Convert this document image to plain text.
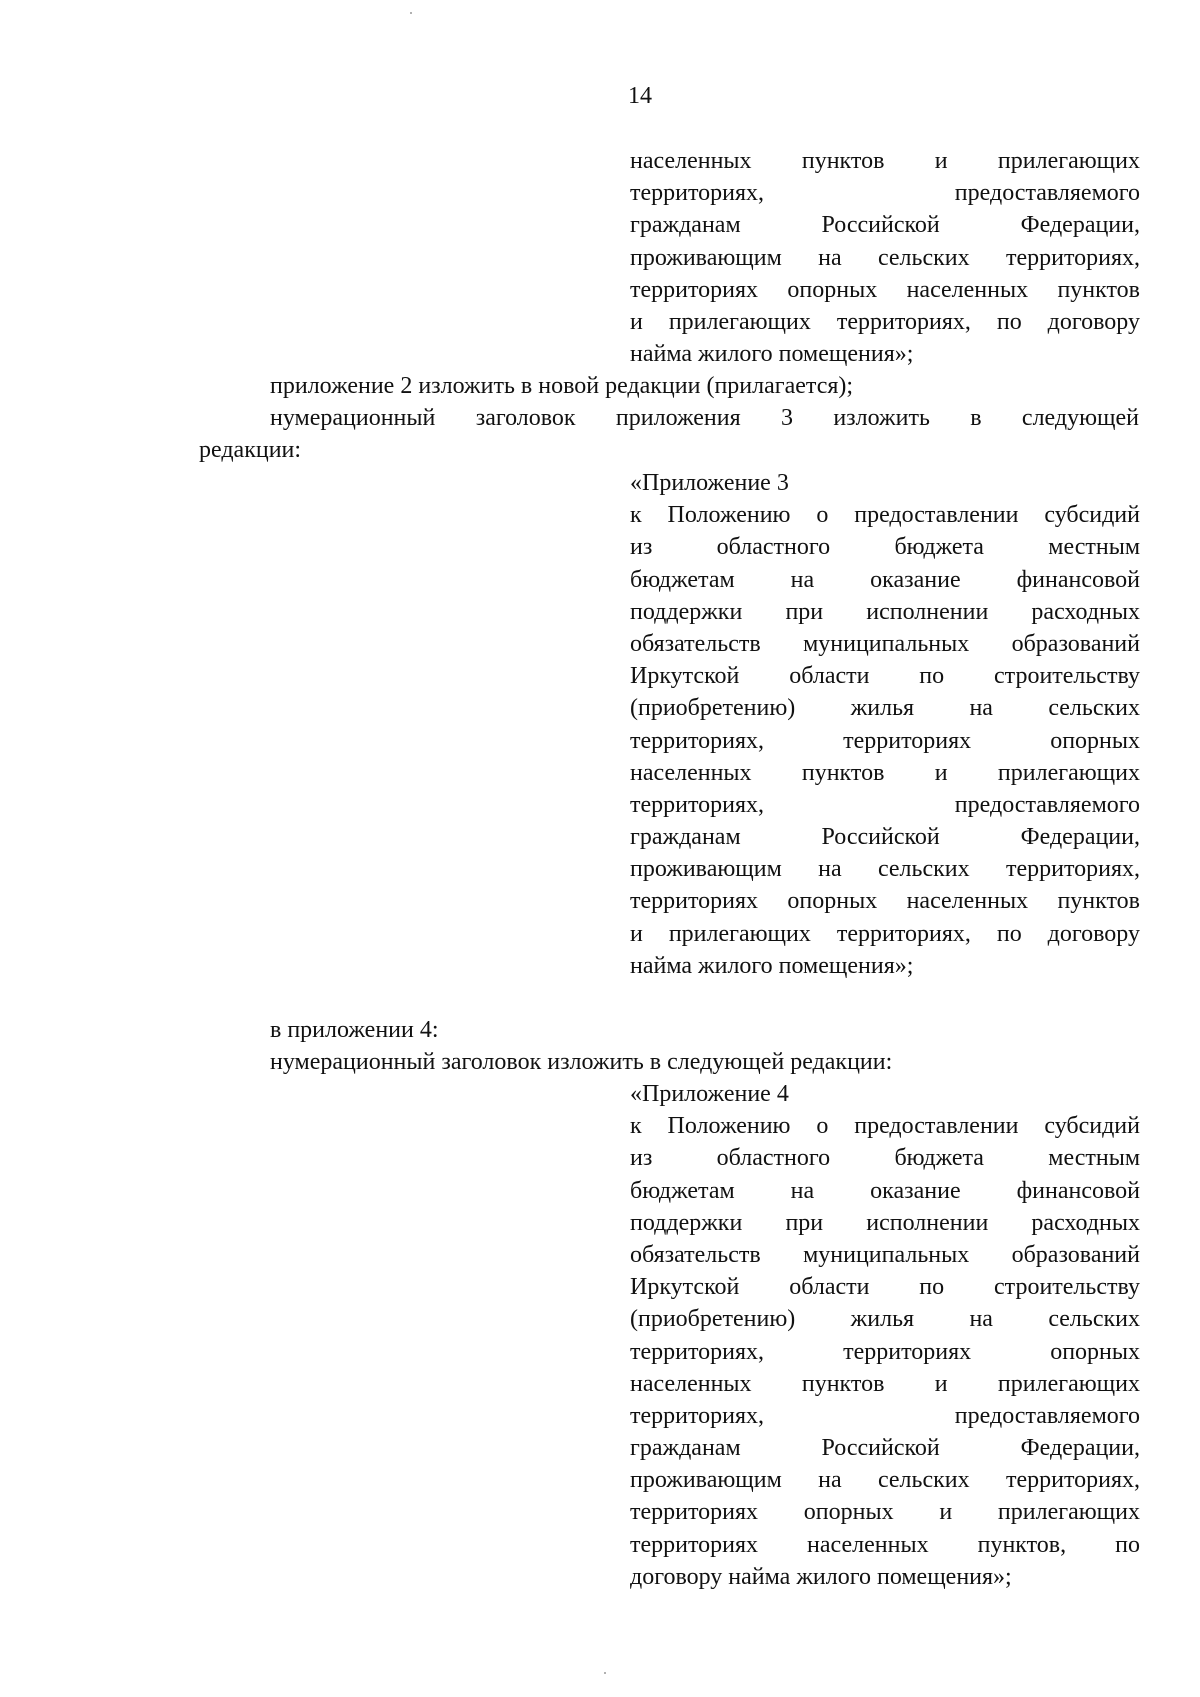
14
населенных пунктов и прилегающих
территориях, предоставляемого
гражданам Российской Федерации,
проживающим на сельских территориях,
территориях опорных населенных пунктов
и прилегающих территориях, по договору
найма жилого помещения»;
приложение 2 изложить в новой редакции (прилагается);
нумерационный заголовок приложения 3 изложить в следующей
редакции:
«Приложение 3
к Положению о предоставлении субсидий
из областного бюджета местным
бюджетам на оказание финансовой
поддержки при исполнении расходных
обязательств муниципальных образований
Иркутской области по строительству
(приобретению) жилья на сельских
территориях, территориях опорных
населенных пунктов и прилегающих
территориях, предоставляемого
гражданам Российской Федерации,
проживающим на сельских территориях,
территориях опорных населенных пунктов
и прилегающих территориях, по договору
найма жилого помещения»;
в приложении 4:
нумерационный заголовок изложить в следующей редакции:
«Приложение 4
к Положению о предоставлении субсидий
из областного бюджета местным
бюджетам на оказание финансовой
поддержки при исполнении расходных
обязательств муниципальных образований
Иркутской области по строительству
(приобретению) жилья на сельских
территориях, территориях опорных
населенных пунктов и прилегающих
территориях, предоставляемого
гражданам Российской Федерации,
проживающим на сельских территориях,
территориях опорных и прилегающих
территориях населенных пунктов, по
договору найма жилого помещения»;
